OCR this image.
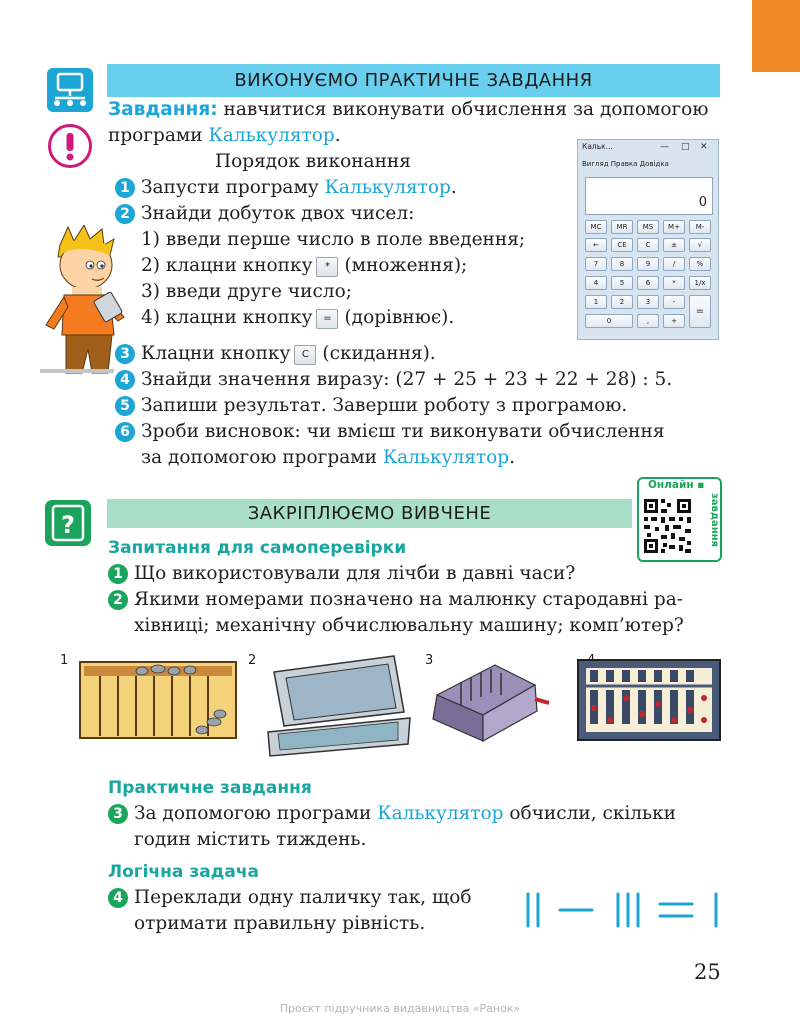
ВИКОНУЄМО ПРАКТИЧНЕ ЗАВДАННЯ
Завдання: навчитися виконувати обчислення за допомогою
програми Калькулятор.
Порядок виконання
1 Запусти програму Калькулятор.
2 Знайди добуток двох чисел:
1) введи перше число в поле введення;
2) клацни кнопку * (множення);
3) введи друге число;
4) клацни кнопку = (дорівнює).
3 Клацни кнопку C (скидання).
4 Знайди значення виразу: (27 + 25 + 23 + 22 + 28) : 5.
5 Запиши результат. Заверши роботу з програмою.
6 Зроби висновок: чи вмієш ти виконувати обчислення
за допомогою програми Калькулятор.
Кальк...	— □ ✕
Вигляд Правка Довідка
0
MC	MR	MS	M+	M-
←	CE	C	±	√
7	8	9	/	%
4	5	6	*	1/x
1	2	3	-
=
0	,	+
?	ЗАКРІПЛЮЄМО ВИВЧЕНЕ
Онлайн ▪
завдання
Запитання для самоперевірки
1 Що використовували для лічби в давні часи?
2 Якими номерами позначено на малюнку стародавні ра-
хівниці; механічну обчислювальну машину; комп’ютер?
1	2	3
Практичне завдання
3 За допомогою програми Калькулятор обчисли, скільки
годин містить тиждень.
Логічна задача
4 Переклади одну паличку так, щоб
отримати правильну рівність.
25
Проєкт підручника видавництва «Ранок»
